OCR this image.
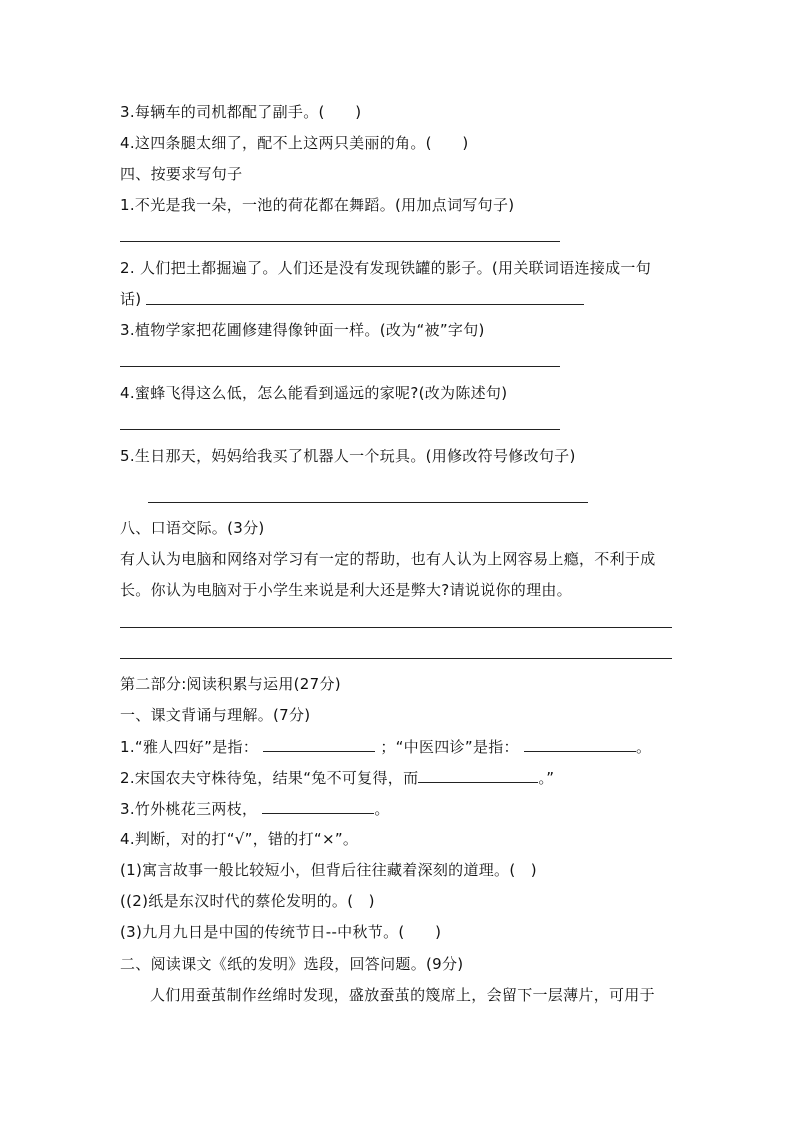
3.每辆车的司机都配了副手。(　　)
4.这四条腿太细了，配不上这两只美丽的角。(　　)
四、按要求写句子
1.不光是我一朵，一池的荷花都在舞蹈。(用加点词写句子)
2. 人们把土都掘遍了。人们还是没有发现铁罐的影子。(用关联词语连接成一句
话)
3.植物学家把花圃修建得像钟面一样。(改为“被”字句)
4.蜜蜂飞得这么低，怎么能看到遥远的家呢?(改为陈述句)
5.生日那天，妈妈给我买了机器人一个玩具。(用修改符号修改句子)
八、口语交际。(3分)
有人认为电脑和网络对学习有一定的帮助，也有人认为上网容易上瘾，不利于成
长。你认为电脑对于小学生来说是利大还是弊大?请说说你的理由。
第二部分:阅读积累与运用(27分)
一、课文背诵与理解。(7分)
1.“雅人四好”是指：	；“中医四诊”是指：	。
2.宋国农夫守株待兔，结果“兔不可复得，而	。”
3.竹外桃花三两枝，	。
4.判断，对的打“√”，错的打“×”。
(1)寓言故事一般比较短小，但背后往往藏着深刻的道理。(　)
((2)纸是东汉时代的蔡伦发明的。(　)
(3)九月九日是中国的传统节日--中秋节。(　　)
二、阅读课文《纸的发明》选段，回答问题。(9分)
人们用蚕茧制作丝绵时发现，盛放蚕茧的篾席上，会留下一层薄片，可用于
